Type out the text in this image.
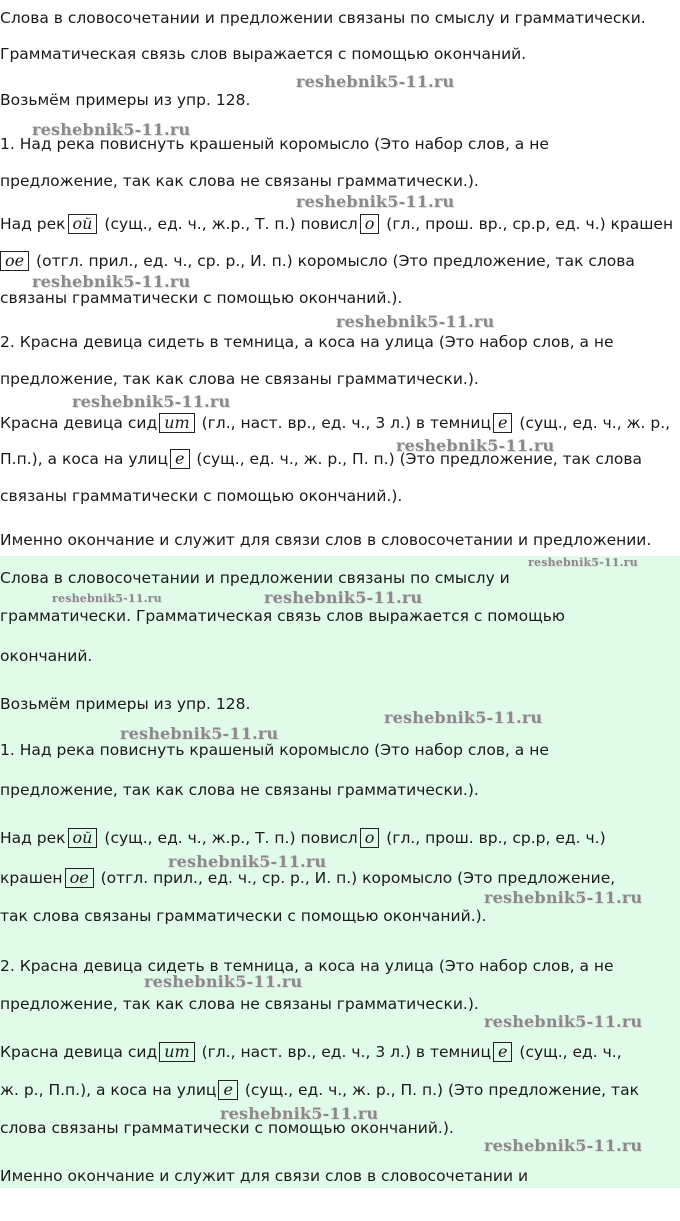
Слова в словосочетании и предложении связаны по смыслу и грамматически.
Грамматическая связь слов выражается с помощью окончаний.
Возьмём примеры из упр. 128.
1. Над река повиснуть крашеный коромысло (Это набор слов, а не
предложение, так как слова не связаны грамматически.).
Над рек ой (сущ., ед. ч., ж.р., Т. п.) повисл о (гл., прош. вр., ср.р, ед. ч.) крашен
ое (отгл. прил., ед. ч., ср. р., И. п.) коромысло (Это предложение, так слова
связаны грамматически с помощью окончаний.).
2. Красна девица сидеть в темница, а коса на улица (Это набор слов, а не
предложение, так как слова не связаны грамматически.).
Красна девица сид ит (гл., наст. вр., ед. ч., 3 л.) в темниц е (сущ., ед. ч., ж. р.,
П.п.), а коса на улиц е (сущ., ед. ч., ж. р., П. п.) (Это предложение, так слова
связаны грамматически с помощью окончаний.).
Именно окончание и служит для связи слов в словосочетании и предложении.
reshebnik5-11.ru
reshebnik5-11.ru
reshebnik5-11.ru
reshebnik5-11.ru
reshebnik5-11.ru
reshebnik5-11.ru
reshebnik5-11.ru
Слова в словосочетании и предложении связаны по смыслу и
грамматически. Грамматическая связь слов выражается с помощью
окончаний.
Возьмём примеры из упр. 128.
1. Над река повиснуть крашеный коромысло (Это набор слов, а не
предложение, так как слова не связаны грамматически.).
Над рек ой (сущ., ед. ч., ж.р., Т. п.) повисл о (гл., прош. вр., ср.р, ед. ч.)
крашен ое (отгл. прил., ед. ч., ср. р., И. п.) коромысло (Это предложение,
так слова связаны грамматически с помощью окончаний.).
2. Красна девица сидеть в темница, а коса на улица (Это набор слов, а не
предложение, так как слова не связаны грамматически.).
Красна девица сид ит (гл., наст. вр., ед. ч., 3 л.) в темниц е (сущ., ед. ч.,
ж. р., П.п.), а коса на улиц е (сущ., ед. ч., ж. р., П. п.) (Это предложение, так
слова связаны грамматически с помощью окончаний.).
Именно окончание и служит для связи слов в словосочетании и
reshebnik5-11.ru
reshebnik5-11.ru	reshebnik5-11.ru
reshebnik5-11.ru
reshebnik5-11.ru
reshebnik5-11.ru
reshebnik5-11.ru
reshebnik5-11.ru
reshebnik5-11.ru
reshebnik5-11.ru
reshebnik5-11.ru
